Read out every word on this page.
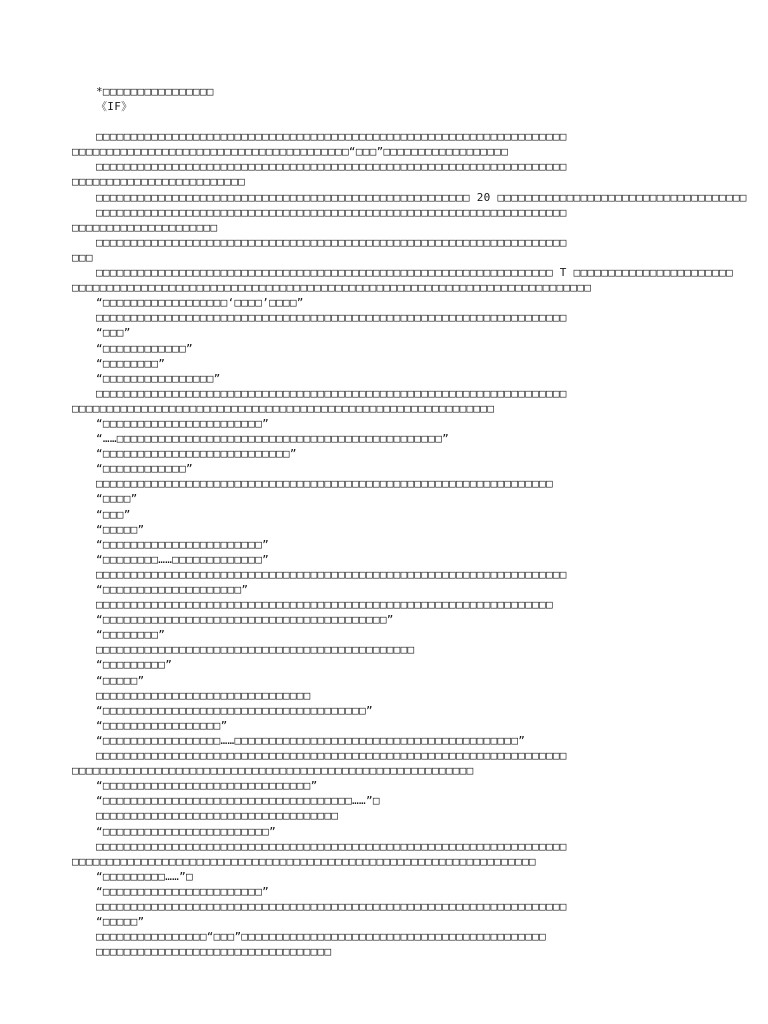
*□□□□□□□□□□□□□□□□
《IF》
□□□□□□□□□□□□□□□□□□□□□□□□□□□□□□□□□□□□□□□□□□□□□□□□□□□□□□□□□□□□□□□□□□□□
□□□□□□□□□□□□□□□□□□□□□□□□□□□□□□□□□□□□□□□□“□□□”□□□□□□□□□□□□□□□□□□
□□□□□□□□□□□□□□□□□□□□□□□□□□□□□□□□□□□□□□□□□□□□□□□□□□□□□□□□□□□□□□□□□□□□
□□□□□□□□□□□□□□□□□□□□□□□□□
□□□□□□□□□□□□□□□□□□□□□□□□□□□□□□□□□□□□□□□□□□□□□□□□□□□□□□ 20 □□□□□□□□□□□□□□□□□□□□□□□□□□□□□□□□□□□□
□□□□□□□□□□□□□□□□□□□□□□□□□□□□□□□□□□□□□□□□□□□□□□□□□□□□□□□□□□□□□□□□□□□□
□□□□□□□□□□□□□□□□□□□□□
□□□□□□□□□□□□□□□□□□□□□□□□□□□□□□□□□□□□□□□□□□□□□□□□□□□□□□□□□□□□□□□□□□□□
□□□
□□□□□□□□□□□□□□□□□□□□□□□□□□□□□□□□□□□□□□□□□□□□□□□□□□□□□□□□□□□□□□□□□□ T □□□□□□□□□□□□□□□□□□□□□□□
□□□□□□□□□□□□□□□□□□□□□□□□□□□□□□□□□□□□□□□□□□□□□□□□□□□□□□□□□□□□□□□□□□□□□□□□□□□
“□□□□□□□□□□□□□□□□□□‘□□□□’□□□□”
□□□□□□□□□□□□□□□□□□□□□□□□□□□□□□□□□□□□□□□□□□□□□□□□□□□□□□□□□□□□□□□□□□□□
“□□□”
“□□□□□□□□□□□□”
“□□□□□□□□”
“□□□□□□□□□□□□□□□□”
□□□□□□□□□□□□□□□□□□□□□□□□□□□□□□□□□□□□□□□□□□□□□□□□□□□□□□□□□□□□□□□□□□□□
□□□□□□□□□□□□□□□□□□□□□□□□□□□□□□□□□□□□□□□□□□□□□□□□□□□□□□□□□□□□□
“□□□□□□□□□□□□□□□□□□□□□□□”
“……□□□□□□□□□□□□□□□□□□□□□□□□□□□□□□□□□□□□□□□□□□□□□□□”
“□□□□□□□□□□□□□□□□□□□□□□□□□□□”
“□□□□□□□□□□□□”
□□□□□□□□□□□□□□□□□□□□□□□□□□□□□□□□□□□□□□□□□□□□□□□□□□□□□□□□□□□□□□□□□□
“□□□□”
“□□□”
“□□□□□”
“□□□□□□□□□□□□□□□□□□□□□□□”
“□□□□□□□□……□□□□□□□□□□□□□”
□□□□□□□□□□□□□□□□□□□□□□□□□□□□□□□□□□□□□□□□□□□□□□□□□□□□□□□□□□□□□□□□□□□□
“□□□□□□□□□□□□□□□□□□□□”
□□□□□□□□□□□□□□□□□□□□□□□□□□□□□□□□□□□□□□□□□□□□□□□□□□□□□□□□□□□□□□□□□□
“□□□□□□□□□□□□□□□□□□□□□□□□□□□□□□□□□□□□□□□□□”
“□□□□□□□□”
□□□□□□□□□□□□□□□□□□□□□□□□□□□□□□□□□□□□□□□□□□□□□□
“□□□□□□□□□”
“□□□□□”
□□□□□□□□□□□□□□□□□□□□□□□□□□□□□□□
“□□□□□□□□□□□□□□□□□□□□□□□□□□□□□□□□□□□□□□”
“□□□□□□□□□□□□□□□□□”
“□□□□□□□□□□□□□□□□□……□□□□□□□□□□□□□□□□□□□□□□□□□□□□□□□□□□□□□□□□□”
□□□□□□□□□□□□□□□□□□□□□□□□□□□□□□□□□□□□□□□□□□□□□□□□□□□□□□□□□□□□□□□□□□□□
□□□□□□□□□□□□□□□□□□□□□□□□□□□□□□□□□□□□□□□□□□□□□□□□□□□□□□□□□□
“□□□□□□□□□□□□□□□□□□□□□□□□□□□□□□”
“□□□□□□□□□□□□□□□□□□□□□□□□□□□□□□□□□□□□……”□
□□□□□□□□□□□□□□□□□□□□□□□□□□□□□□□□□□□
“□□□□□□□□□□□□□□□□□□□□□□□□”
□□□□□□□□□□□□□□□□□□□□□□□□□□□□□□□□□□□□□□□□□□□□□□□□□□□□□□□□□□□□□□□□□□□□
□□□□□□□□□□□□□□□□□□□□□□□□□□□□□□□□□□□□□□□□□□□□□□□□□□□□□□□□□□□□□□□□□□□
“□□□□□□□□□……”□
“□□□□□□□□□□□□□□□□□□□□□□□”
□□□□□□□□□□□□□□□□□□□□□□□□□□□□□□□□□□□□□□□□□□□□□□□□□□□□□□□□□□□□□□□□□□□□
“□□□□□”
□□□□□□□□□□□□□□□□“□□□”□□□□□□□□□□□□□□□□□□□□□□□□□□□□□□□□□□□□□□□□□□□□
□□□□□□□□□□□□□□□□□□□□□□□□□□□□□□□□□□
